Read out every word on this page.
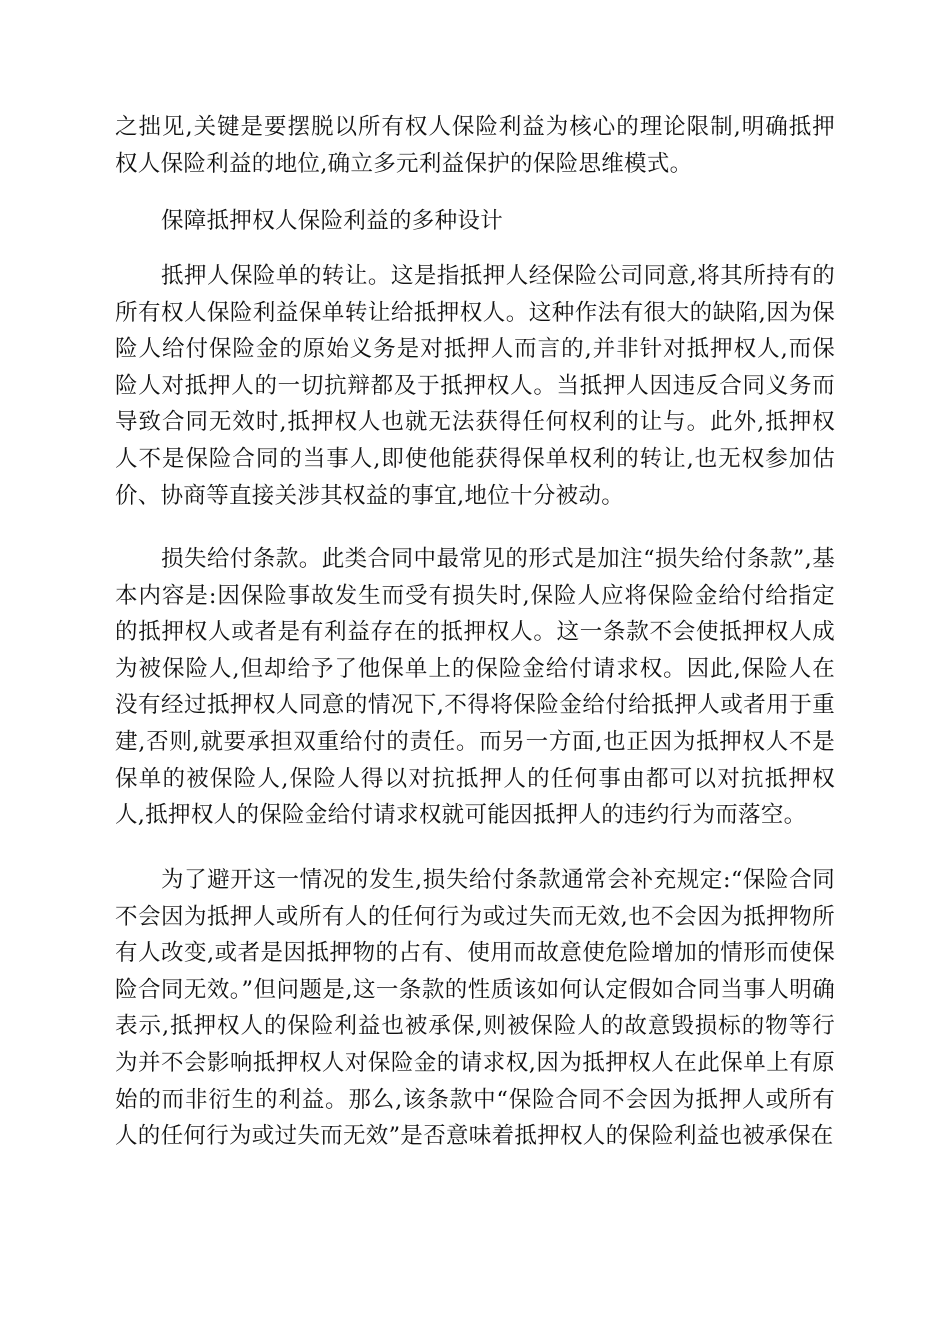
之拙见,关键是要摆脱以所有权人保险利益为核心的理论限制,明确抵押权人保险利益的地位,确立多元利益保护的保险思维模式。

保障抵押权人保险利益的多种设计

抵押人保险单的转让。这是指抵押人经保险公司同意,将其所持有的所有权人保险利益保单转让给抵押权人。这种作法有很大的缺陷,因为保险人给付保险金的原始义务是对抵押人而言的,并非针对抵押权人,而保险人对抵押人的一切抗辩都及于抵押权人。当抵押人因违反合同义务而导致合同无效时,抵押权人也就无法获得任何权利的让与。此外,抵押权人不是保险合同的当事人,即使他能获得保单权利的转让,也无权参加估价、协商等直接关涉其权益的事宜,地位十分被动。

损失给付条款。此类合同中最常见的形式是加注“损失给付条款”,基本内容是:因保险事故发生而受有损失时,保险人应将保险金给付给指定的抵押权人或者是有利益存在的抵押权人。这一条款不会使抵押权人成为被保险人,但却给予了他保单上的保险金给付请求权。因此,保险人在没有经过抵押权人同意的情况下,不得将保险金给付给抵押人或者用于重建,否则,就要承担双重给付的责任。而另一方面,也正因为抵押权人不是保单的被保险人,保险人得以对抗抵押人的任何事由都可以对抗抵押权人,抵押权人的保险金给付请求权就可能因抵押人的违约行为而落空。

为了避开这一情况的发生,损失给付条款通常会补充规定:“保险合同不会因为抵押人或所有人的任何行为或过失而无效,也不会因为抵押物所有人改变,或者是因抵押物的占有、使用而故意使危险增加的情形而使保险合同无效。”但问题是,这一条款的性质该如何认定假如合同当事人明确表示,抵押权人的保险利益也被承保,则被保险人的故意毁损标的物等行为并不会影响抵押权人对保险金的请求权,因为抵押权人在此保单上有原始的而非衍生的利益。那么,该条款中“保险合同不会因为抵押人或所有人的任何行为或过失而无效”是否意味着抵押权人的保险利益也被承保在
